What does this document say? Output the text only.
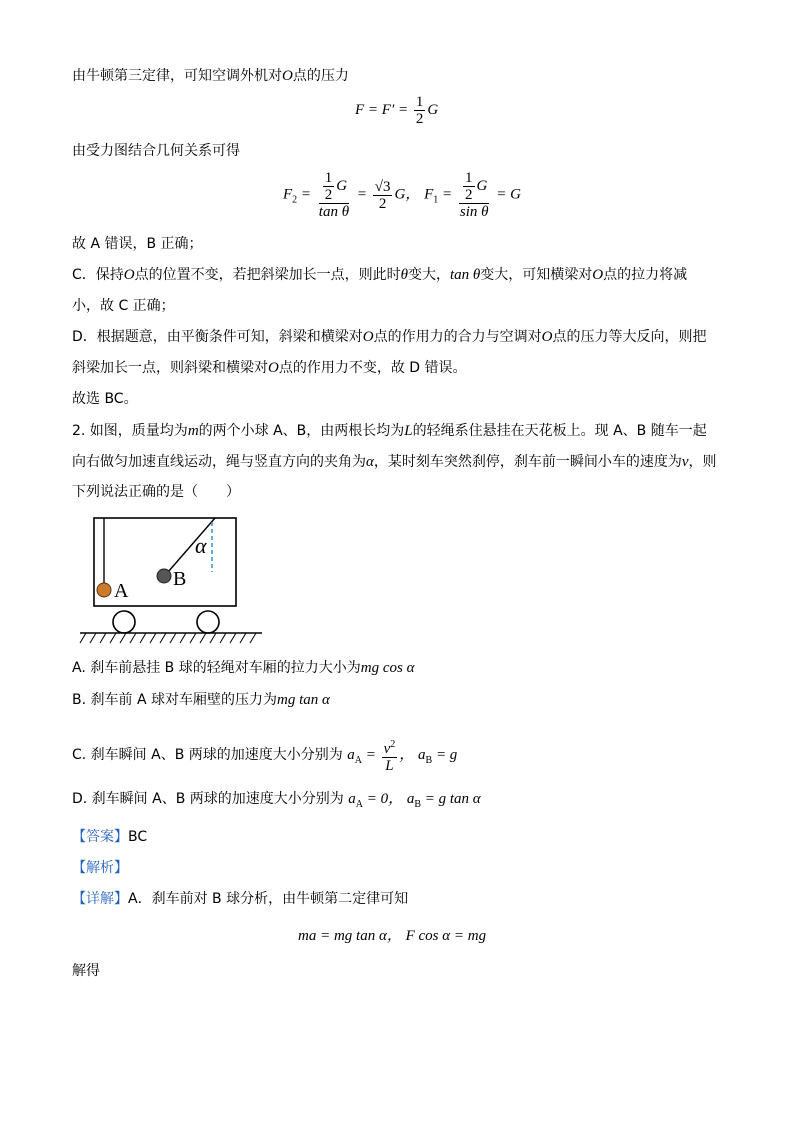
由牛顿第三定律，可知空调外机对O点的压力
$F = F' = \frac{1}{2}$ G
由受力图结合几何关系可得
$F_2 = \frac{\frac{1}{2} G}{\text{tan θ}} = \frac{√3}{2}$ G， $F_1 = \frac{\frac{1}{2} G}{\text{sin θ}} = G$
故 A 错误，B 正确；
C．保持O点的位置不变，若把斜梁加长一点，则此时θ变大，tan θ变大，可知横梁对O点的拉力将减
小，故 C 正确；
D．根据题意，由平衡条件可知，斜梁和横梁对O点的作用力的合力与空调对O点的压力等大反向，则把
斜梁加长一点，则斜梁和横梁对O点的作用力不变，故 D 错误。
故选 BC。
2. 如图，质量均为m的两个小球 A、B，由两根长均为L的轻绳系住悬挂在天花板上。现 A、B 随车一起
向右做匀加速直线运动，绳与竖直方向的夹角为α，某时刻车突然刹停，刹车前一瞬间小车的速度为v，则
下列说法正确的是（　　）
A
B
α
A. 刹车前悬挂 B 球的轻绳对车厢的拉力大小为mg cos α
B. 刹车前 A 球对车厢壁的压力为mg tan α
C. 刹车瞬间 A、B 两球的加速度大小分别为 $a_A = \frac{v^2}{L}$ ， $a_B = g$
D. 刹车瞬间 A、B 两球的加速度大小分别为 $a_A = 0$， $a_B = g$ tan α
【答案】BC
【解析】
【详解】A．刹车前对 B 球分析，由牛顿第二定律可知
ma = mg tan α， F cos α = mg
解得
